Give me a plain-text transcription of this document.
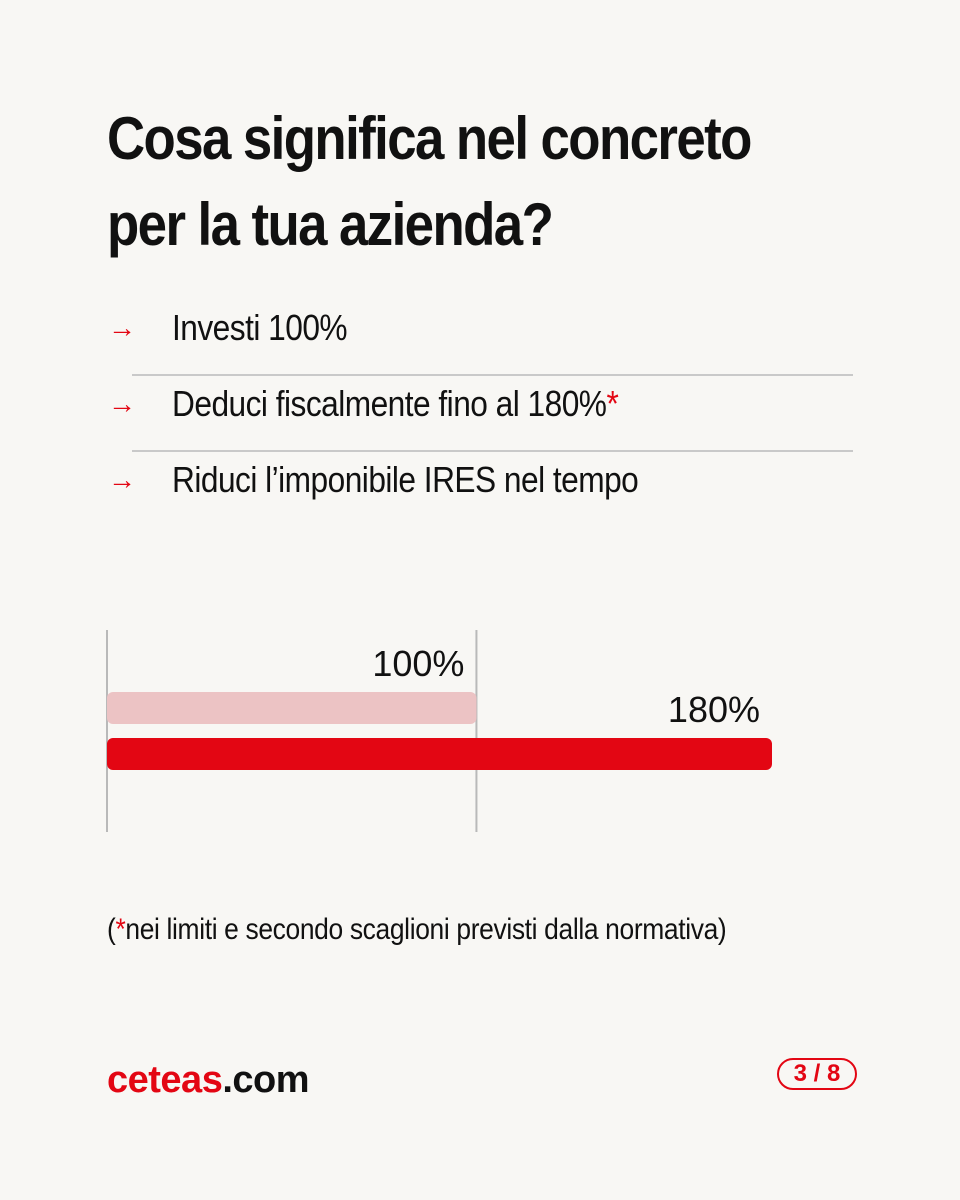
Cosa significa nel concreto per la tua azienda?
→ Investi 100%
→ Deduci fiscalmente fino al 180%*
→ Riduci l’imponibile IRES nel tempo
100%
180%

(*nei limiti e secondo scaglioni previsti dalla normativa)

ceteas.com	3 / 8
